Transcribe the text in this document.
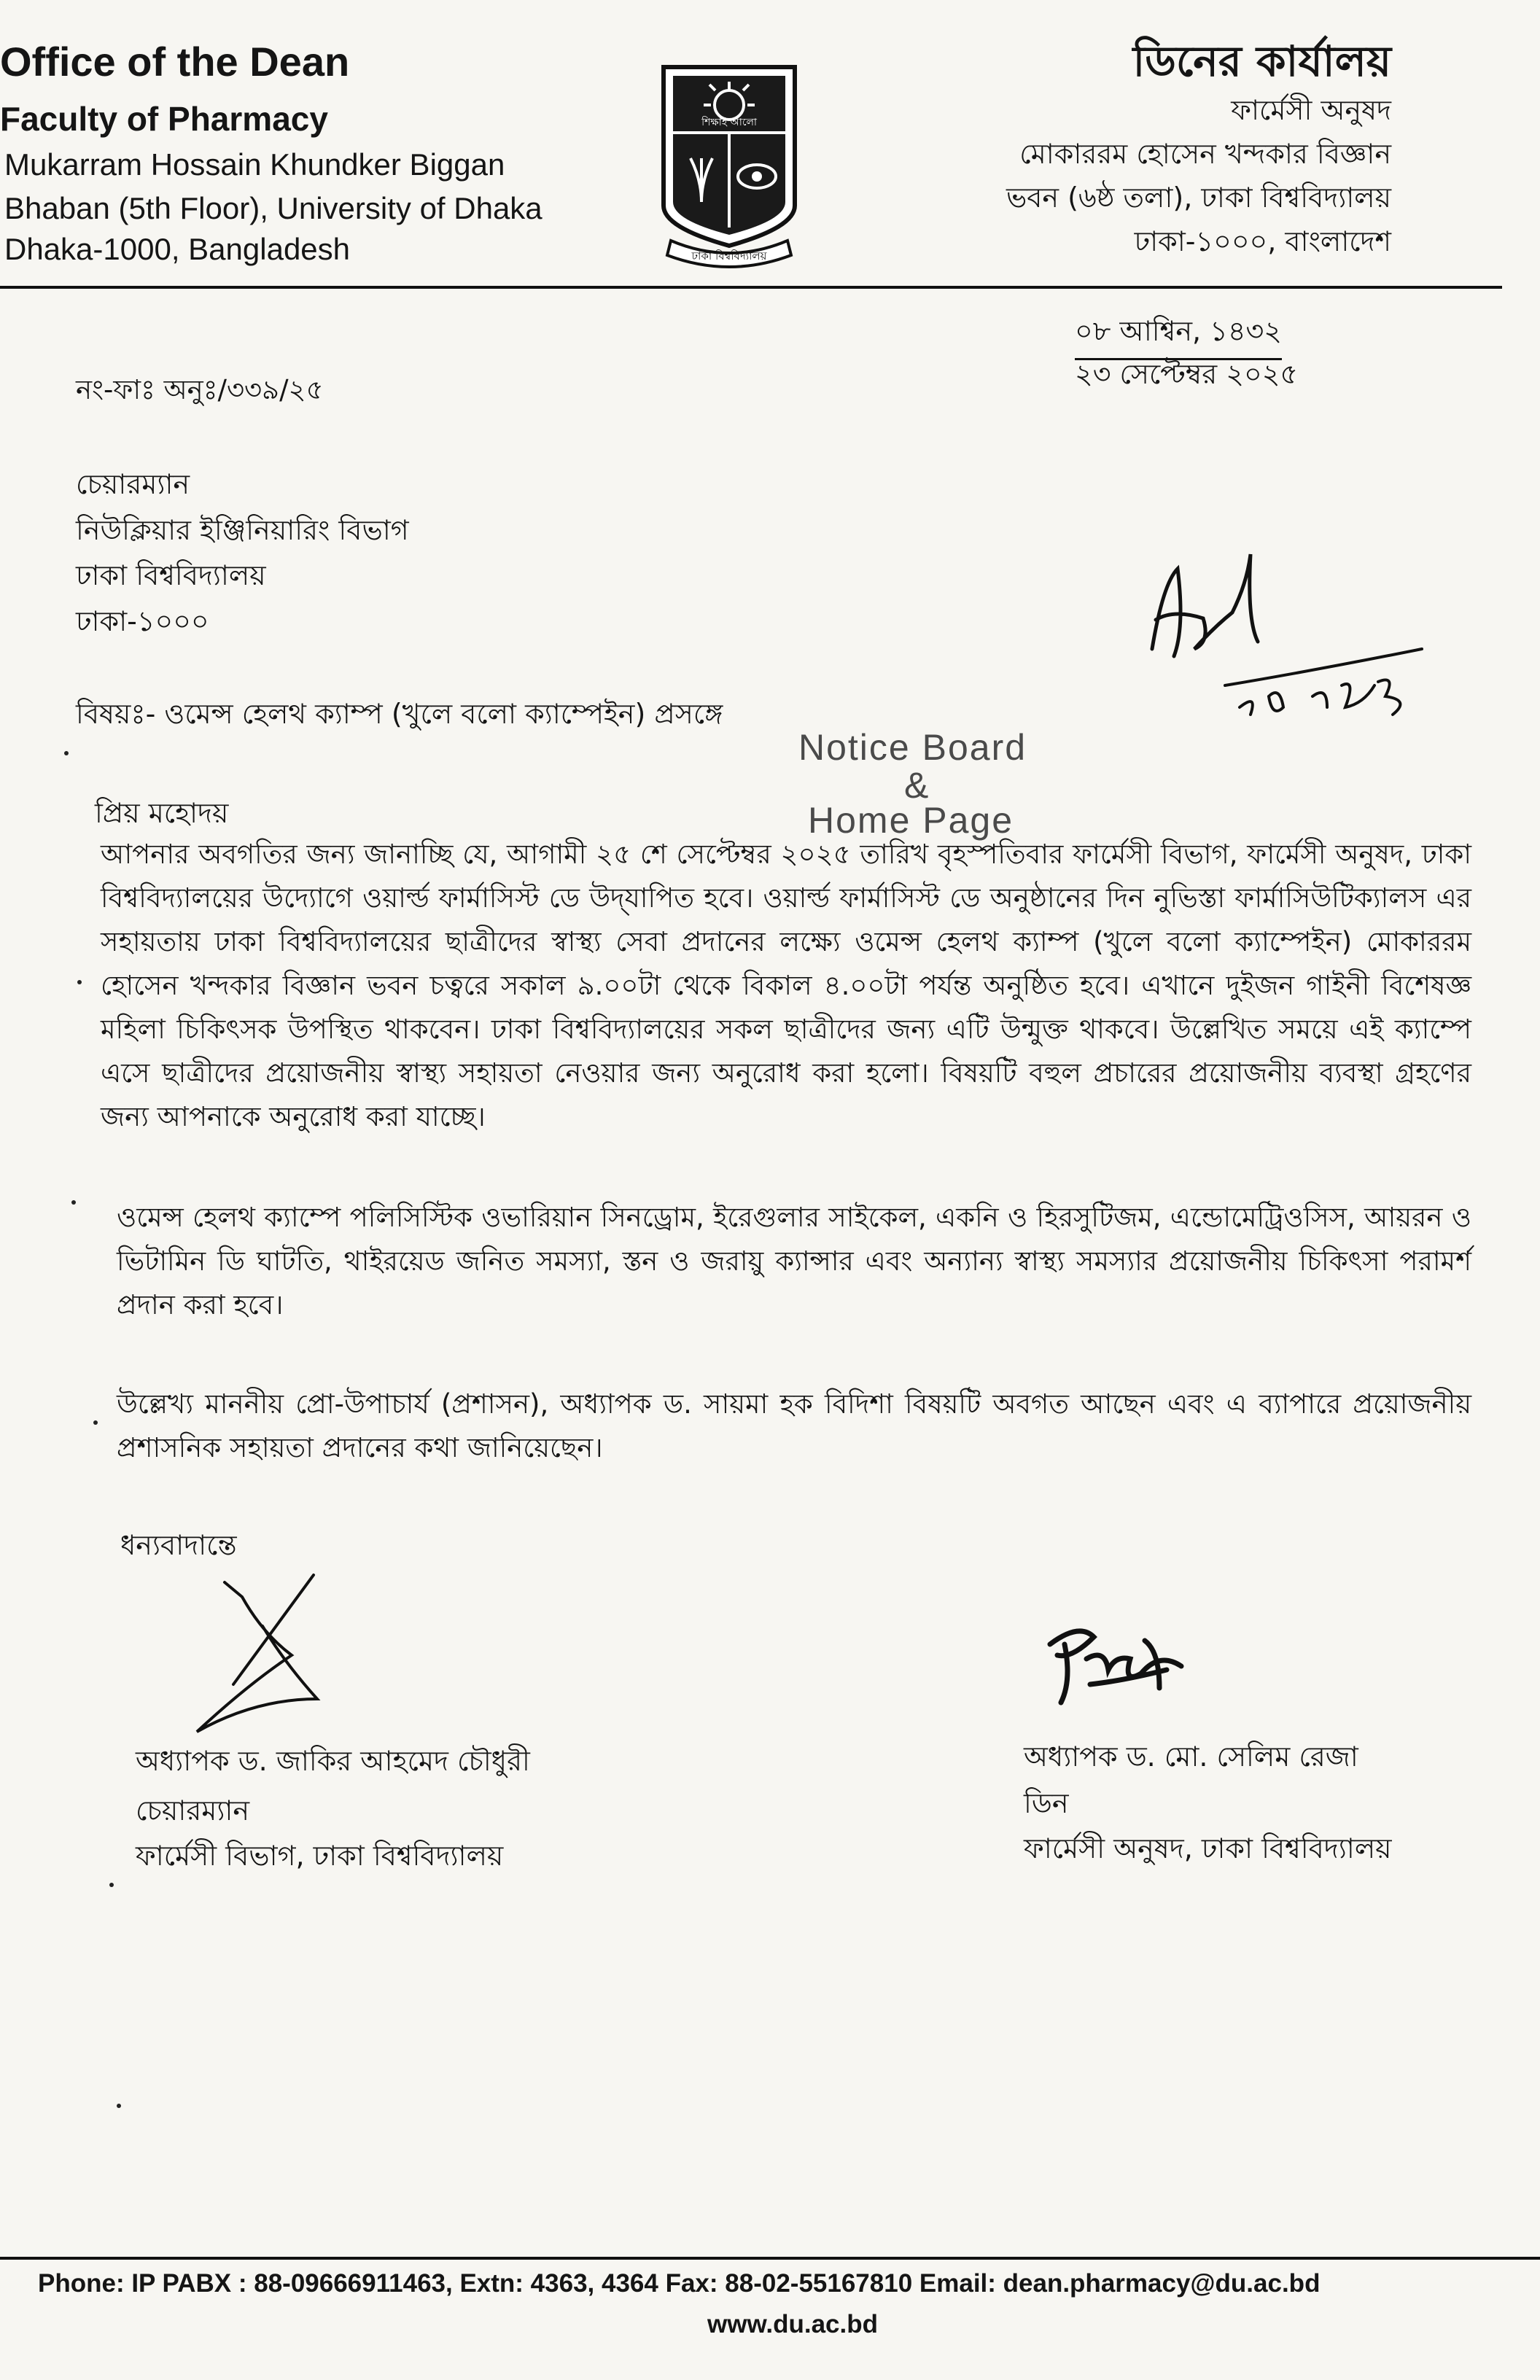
Office of the Dean
Faculty of Pharmacy
Mukarram Hossain Khundker Biggan
Bhaban (5th Floor), University of Dhaka
Dhaka-1000, Bangladesh	ঢাকা বিশ্ববিদ্যালয়
শিক্ষাই আলো
ডিনের কার্যালয়
ফার্মেসী অনুষদ
মোকাররম হোসেন খন্দকার বিজ্ঞান
ভবন (৬ষ্ঠ তলা), ঢাকা বিশ্ববিদ্যালয়
ঢাকা-১০০০, বাংলাদেশ
নং-ফাঃ অনুঃ/৩৩৯/২৫
০৮ আশ্বিন, ১৪৩২
২৩ সেপ্টেম্বর ২০২৫
চেয়ারম্যান
নিউক্লিয়ার ইঞ্জিনিয়ারিং বিভাগ
ঢাকা বিশ্ববিদ্যালয়
ঢাকা-১০০০
বিষয়ঃ- ওমেন্স হেলথ ক্যাম্প (খুলে বলো ক্যাম্পেইন) প্রসঙ্গে
Notice Board
&
Home Page
প্রিয় মহোদয়
আপনার অবগতির জন্য জানাচ্ছি যে, আগামী ২৫ শে সেপ্টেম্বর ২০২৫ তারিখ বৃহস্পতিবার ফার্মেসী বিভাগ, ফার্মেসী অনুষদ, ঢাকা বিশ্ববিদ্যালয়ের উদ্যোগে ওয়ার্ল্ড ফার্মাসিস্ট ডে উদ্‌যাপিত হবে। ওয়ার্ল্ড ফার্মাসিস্ট ডে অনুষ্ঠানের দিন নুভিস্তা ফার্মাসিউটিক্যালস এর সহায়তায় ঢাকা বিশ্ববিদ্যালয়ের ছাত্রীদের স্বাস্থ্য সেবা প্রদানের লক্ষ্যে ওমেন্স হেলথ ক্যাম্প (খুলে বলো ক্যাম্পেইন) মোকাররম হোসেন খন্দকার বিজ্ঞান ভবন চত্বরে সকাল ৯.০০টা থেকে বিকাল ৪.০০টা পর্যন্ত অনুষ্ঠিত হবে। এখানে দুইজন গাইনী বিশেষজ্ঞ মহিলা চিকিৎসক উপস্থিত থাকবেন। ঢাকা বিশ্ববিদ্যালয়ের সকল ছাত্রীদের জন্য এটি উন্মুক্ত থাকবে। উল্লেখিত সময়ে এই ক্যাম্পে এসে ছাত্রীদের প্রয়োজনীয় স্বাস্থ্য সহায়তা নেওয়ার জন্য অনুরোধ করা হলো। বিষয়টি বহুল প্রচারের প্রয়োজনীয় ব্যবস্থা গ্রহণের জন্য আপনাকে অনুরোধ করা যাচ্ছে।
ওমেন্স হেলথ ক্যাম্পে পলিসিস্টিক ওভারিয়ান সিনড্রোম, ইরেগুলার সাইকেল, একনি ও হিরসুটিজম, এন্ডোমেট্রিওসিস, আয়রন ও ভিটামিন ডি ঘাটতি, থাইরয়েড জনিত সমস্যা, স্তন ও জরায়ু ক্যান্সার এবং অন্যান্য স্বাস্থ্য সমস্যার প্রয়োজনীয় চিকিৎসা পরামর্শ প্রদান করা হবে।
উল্লেখ্য মাননীয় প্রো-উপাচার্য (প্রশাসন), অধ্যাপক ড. সায়মা হক বিদিশা বিষয়টি অবগত আছেন এবং এ ব্যাপারে প্রয়োজনীয় প্রশাসনিক সহায়তা প্রদানের কথা জানিয়েছেন।
ধন্যবাদান্তে
অধ্যাপক ড. জাকির আহমেদ চৌধুরী
চেয়ারম্যান
ফার্মেসী বিভাগ, ঢাকা বিশ্ববিদ্যালয়
অধ্যাপক ড. মো. সেলিম রেজা
ডিন
ফার্মেসী অনুষদ, ঢাকা বিশ্ববিদ্যালয়
Phone: IP PABX : 88-09666911463, Extn: 4363, 4364 Fax: 88-02-55167810 Email: dean.pharmacy@du.ac.bd
www.du.ac.bd
